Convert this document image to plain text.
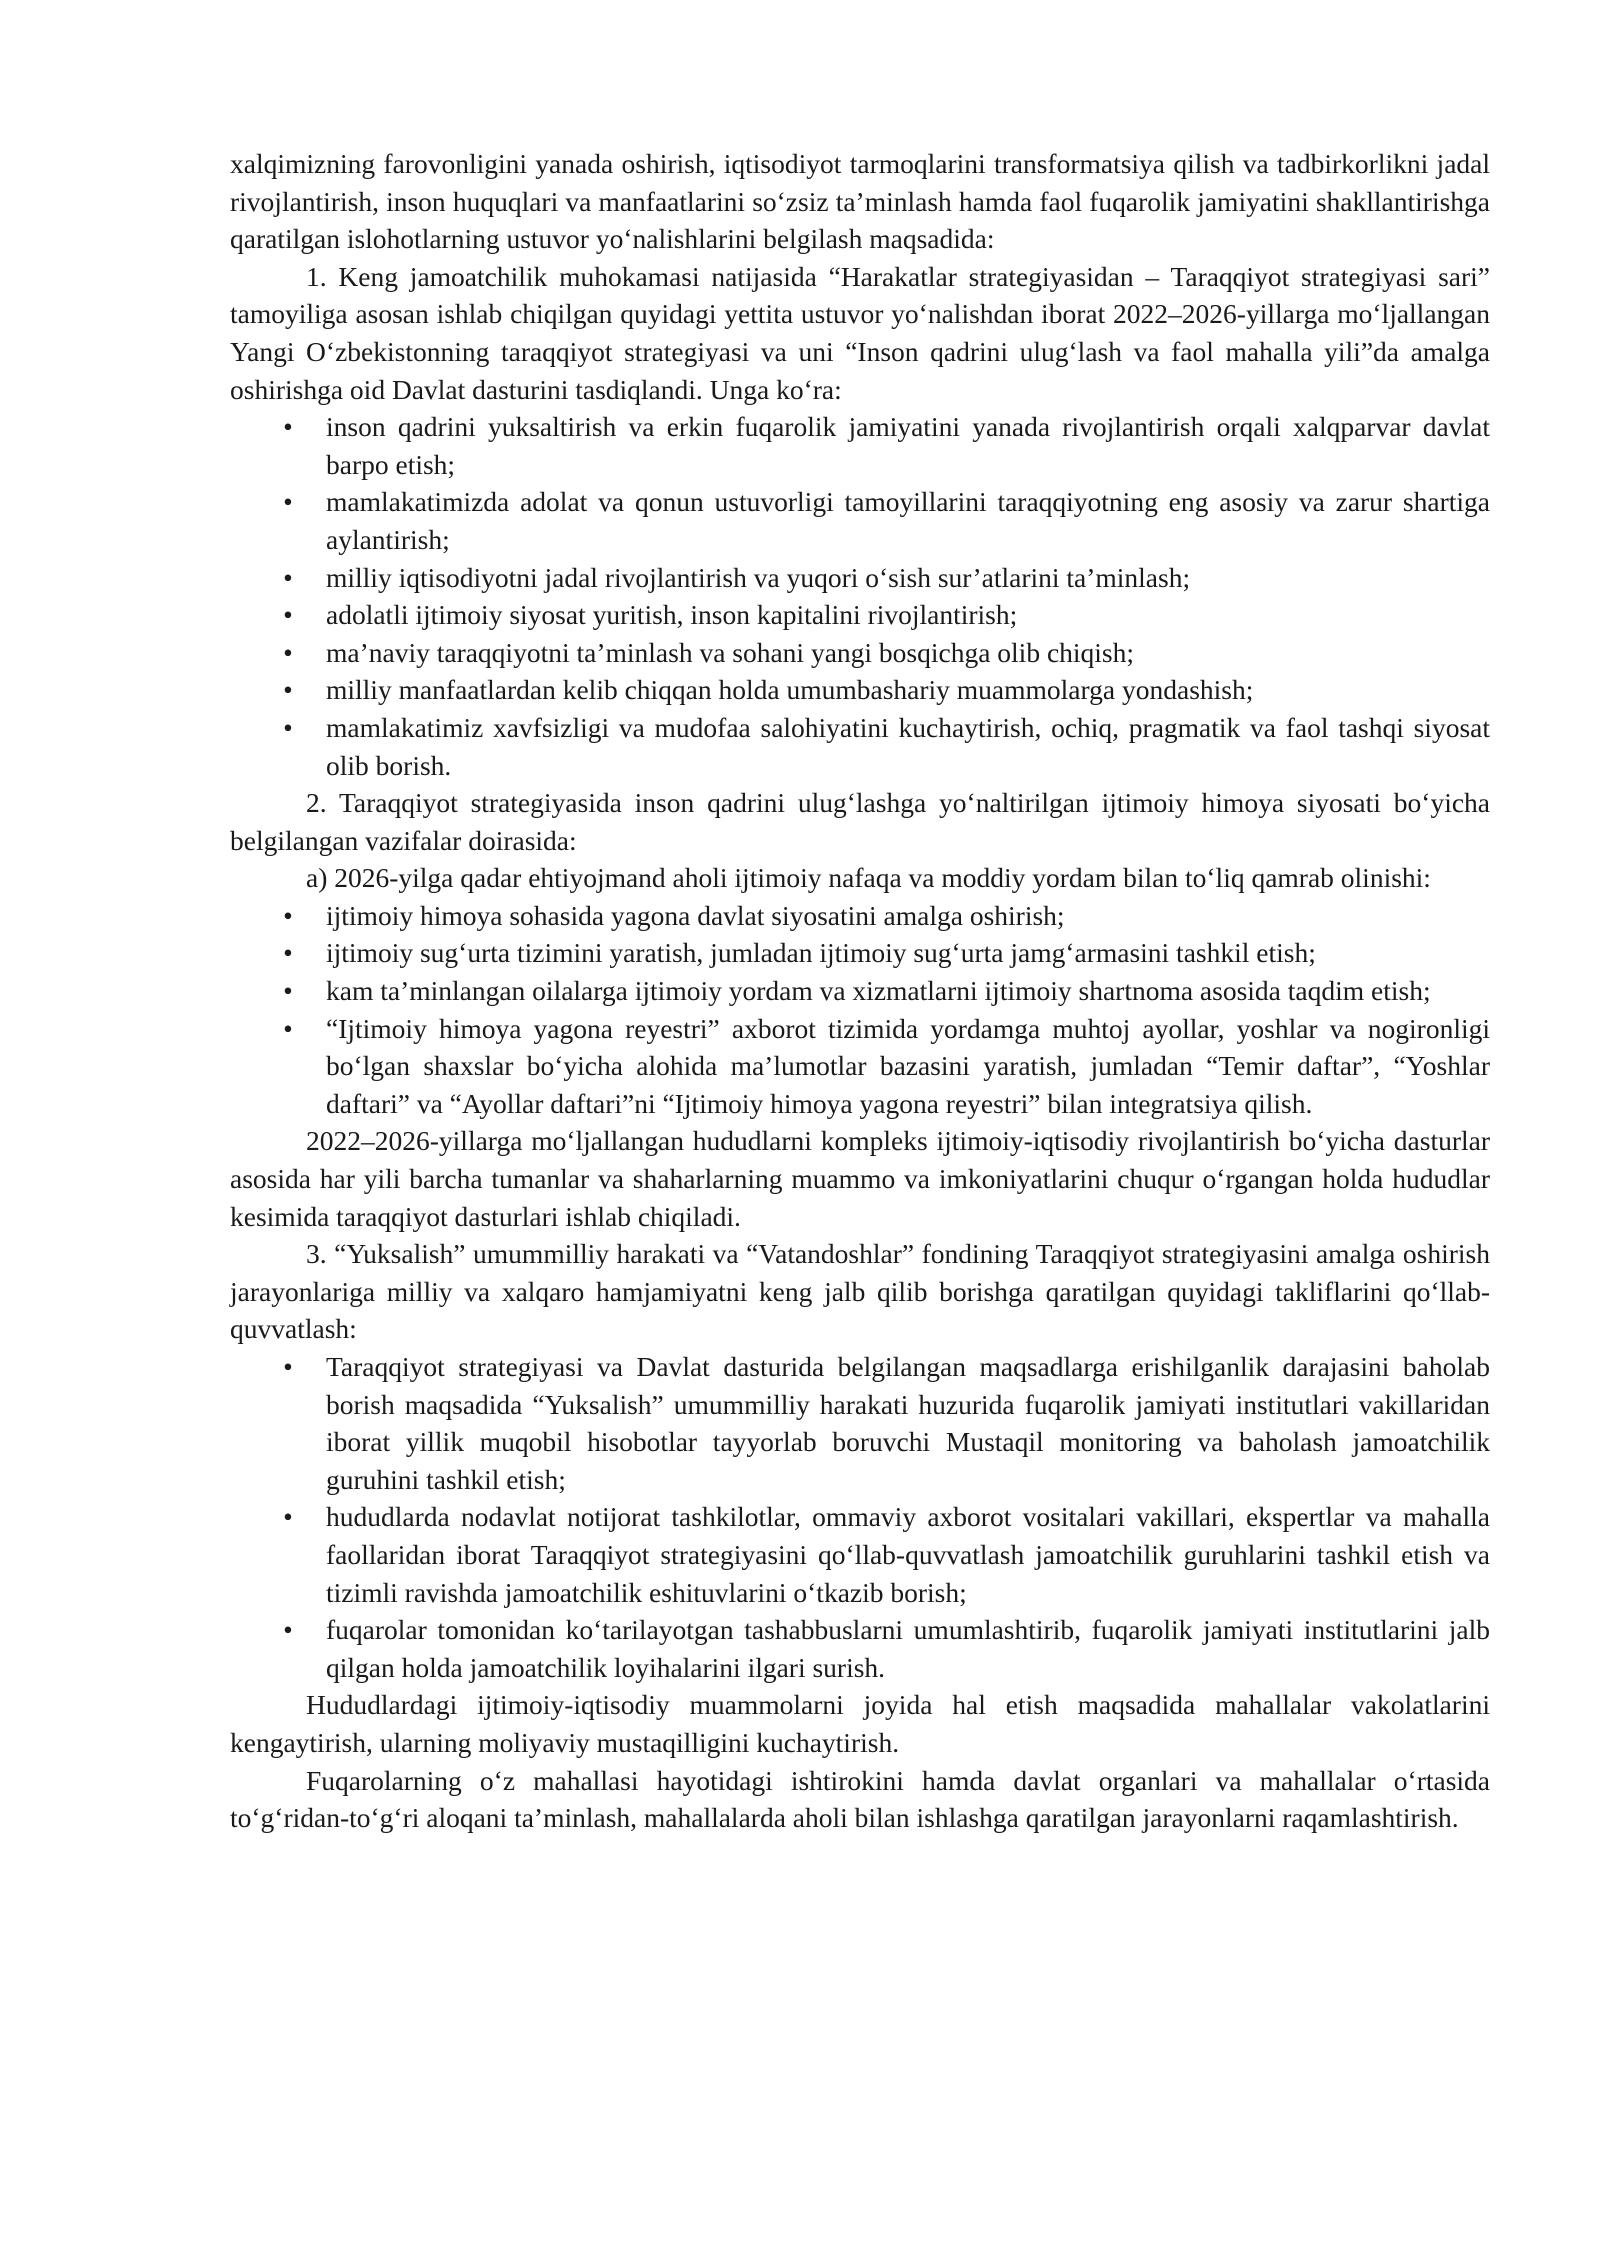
xalqimizning farovonligini yanada oshirish, iqtisodiyot tarmoqlarini transformatsiya qilish va tadbirkorlikni jadal rivojlantirish, inson huquqlari va manfaatlarini so‘zsiz ta’minlash hamda faol fuqarolik jamiyatini shakllantirishga qaratilgan islohotlarning ustuvor yo‘nalishlarini belgilash maqsadida:

1. Keng jamoatchilik muhokamasi natijasida “Harakatlar strategiyasidan – Taraqqiyot strategiyasi sari” tamoyiliga asosan ishlab chiqilgan quyidagi yettita ustuvor yo‘nalishdan iborat 2022–2026-yillarga mo‘ljallangan Yangi O‘zbekistonning taraqqiyot strategiyasi va uni “Inson qadrini ulug‘lash va faol mahalla yili”da amalga oshirishga oid Davlat dasturini tasdiqlandi. Unga ko‘ra:

• inson qadrini yuksaltirish va erkin fuqarolik jamiyatini yanada rivojlantirish orqali xalqparvar davlat barpo etish;
• mamlakatimizda adolat va qonun ustuvorligi tamoyillarini taraqqiyotning eng asosiy va zarur shartiga aylantirish;
• milliy iqtisodiyotni jadal rivojlantirish va yuqori o‘sish sur’atlarini ta’minlash;
• adolatli ijtimoiy siyosat yuritish, inson kapitalini rivojlantirish;
• ma’naviy taraqqiyotni ta’minlash va sohani yangi bosqichga olib chiqish;
• milliy manfaatlardan kelib chiqqan holda umumbashariy muammolarga yondashish;
• mamlakatimiz xavfsizligi va mudofaa salohiyatini kuchaytirish, ochiq, pragmatik va faol tashqi siyosat olib borish.

2. Taraqqiyot strategiyasida inson qadrini ulug‘lashga yo‘naltirilgan ijtimoiy himoya siyosati bo‘yicha belgilangan vazifalar doirasida:

a) 2026-yilga qadar ehtiyojmand aholi ijtimoiy nafaqa va moddiy yordam bilan to‘liq qamrab olinishi:

• ijtimoiy himoya sohasida yagona davlat siyosatini amalga oshirish;
• ijtimoiy sug‘urta tizimini yaratish, jumladan ijtimoiy sug‘urta jamg‘armasini tashkil etish;
• kam ta’minlangan oilalarga ijtimoiy yordam va xizmatlarni ijtimoiy shartnoma asosida taqdim etish;
• “Ijtimoiy himoya yagona reyestri” axborot tizimida yordamga muhtoj ayollar, yoshlar va nogironligi bo‘lgan shaxslar bo‘yicha alohida ma’lumotlar bazasini yaratish, jumladan “Temir daftar”, “Yoshlar daftari” va “Ayollar daftari”ni “Ijtimoiy himoya yagona reyestri” bilan integratsiya qilish.

2022–2026-yillarga mo‘ljallangan hududlarni kompleks ijtimoiy-iqtisodiy rivojlantirish bo‘yicha dasturlar asosida har yili barcha tumanlar va shaharlarning muammo va imkoniyatlarini chuqur o‘rgangan holda hududlar kesimida taraqqiyot dasturlari ishlab chiqiladi.

3. “Yuksalish” umummilliy harakati va “Vatandoshlar” fondining Taraqqiyot strategiyasini amalga oshirish jarayonlariga milliy va xalqaro hamjamiyatni keng jalb qilib borishga qaratilgan quyidagi takliflarini qo‘llab-quvvatlash:

• Taraqqiyot strategiyasi va Davlat dasturida belgilangan maqsadlarga erishilganlik darajasini baholab borish maqsadida “Yuksalish” umummilliy harakati huzurida fuqarolik jamiyati institutlari vakillaridan iborat yillik muqobil hisobotlar tayyorlab boruvchi Mustaqil monitoring va baholash jamoatchilik guruhini tashkil etish;
• hududlarda nodavlat notijorat tashkilotlar, ommaviy axborot vositalari vakillari, ekspertlar va mahalla faollaridan iborat Taraqqiyot strategiyasini qo‘llab-quvvatlash jamoatchilik guruhlarini tashkil etish va tizimli ravishda jamoatchilik eshituvlarini o‘tkazib borish;
• fuqarolar tomonidan ko‘tarilayotgan tashabbuslarni umumlashtirib, fuqarolik jamiyati institutlarini jalb qilgan holda jamoatchilik loyihalarini ilgari surish.

Hududlardagi ijtimoiy-iqtisodiy muammolarni joyida hal etish maqsadida mahallalar vakolatlarini kengaytirish, ularning moliyaviy mustaqilligini kuchaytirish.

Fuqarolarning o‘z mahallasi hayotidagi ishtirokini hamda davlat organlari va mahallalar o‘rtasida to‘g‘ridan-to‘g‘ri aloqani ta’minlash, mahallalarda aholi bilan ishlashga qaratilgan jarayonlarni raqamlashtirish.
